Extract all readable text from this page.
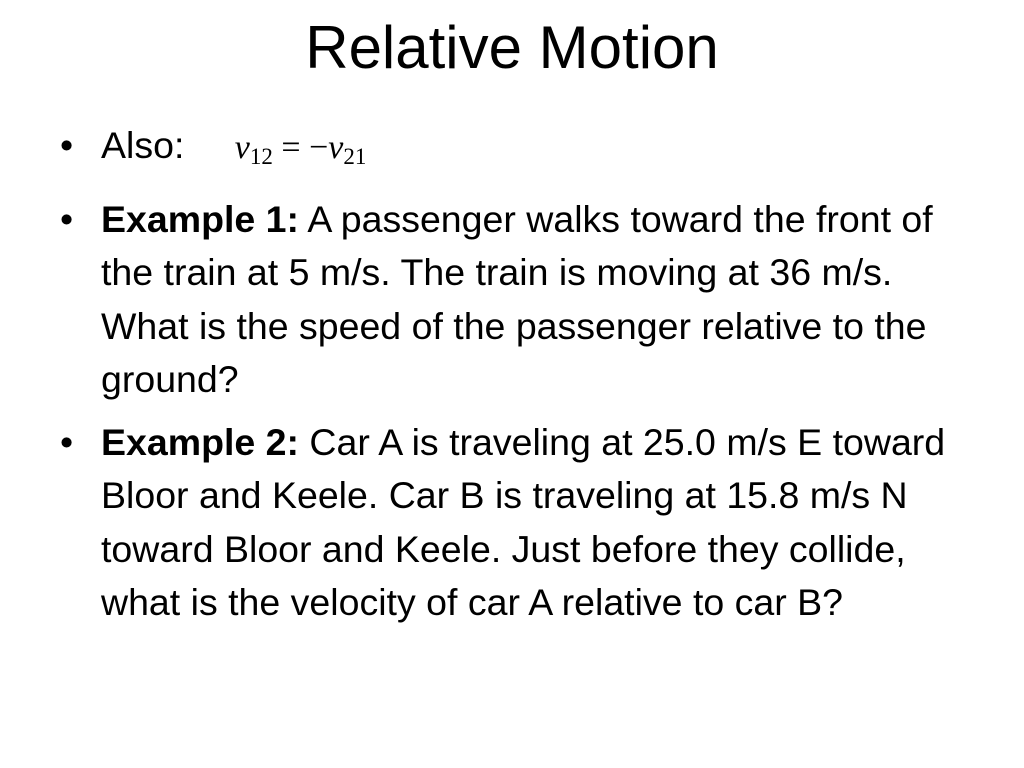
Relative Motion
• Also: $v_{12} = -v_{21}$
• Example 1: A passenger walks toward the front of the train at 5 m/s. The train is moving at 36 m/s. What is the speed of the passenger relative to the ground?
• Example 2: Car A is traveling at 25.0 m/s E toward Bloor and Keele. Car B is traveling at 15.8 m/s N toward Bloor and Keele. Just before they collide, what is the velocity of car A relative to car B?
